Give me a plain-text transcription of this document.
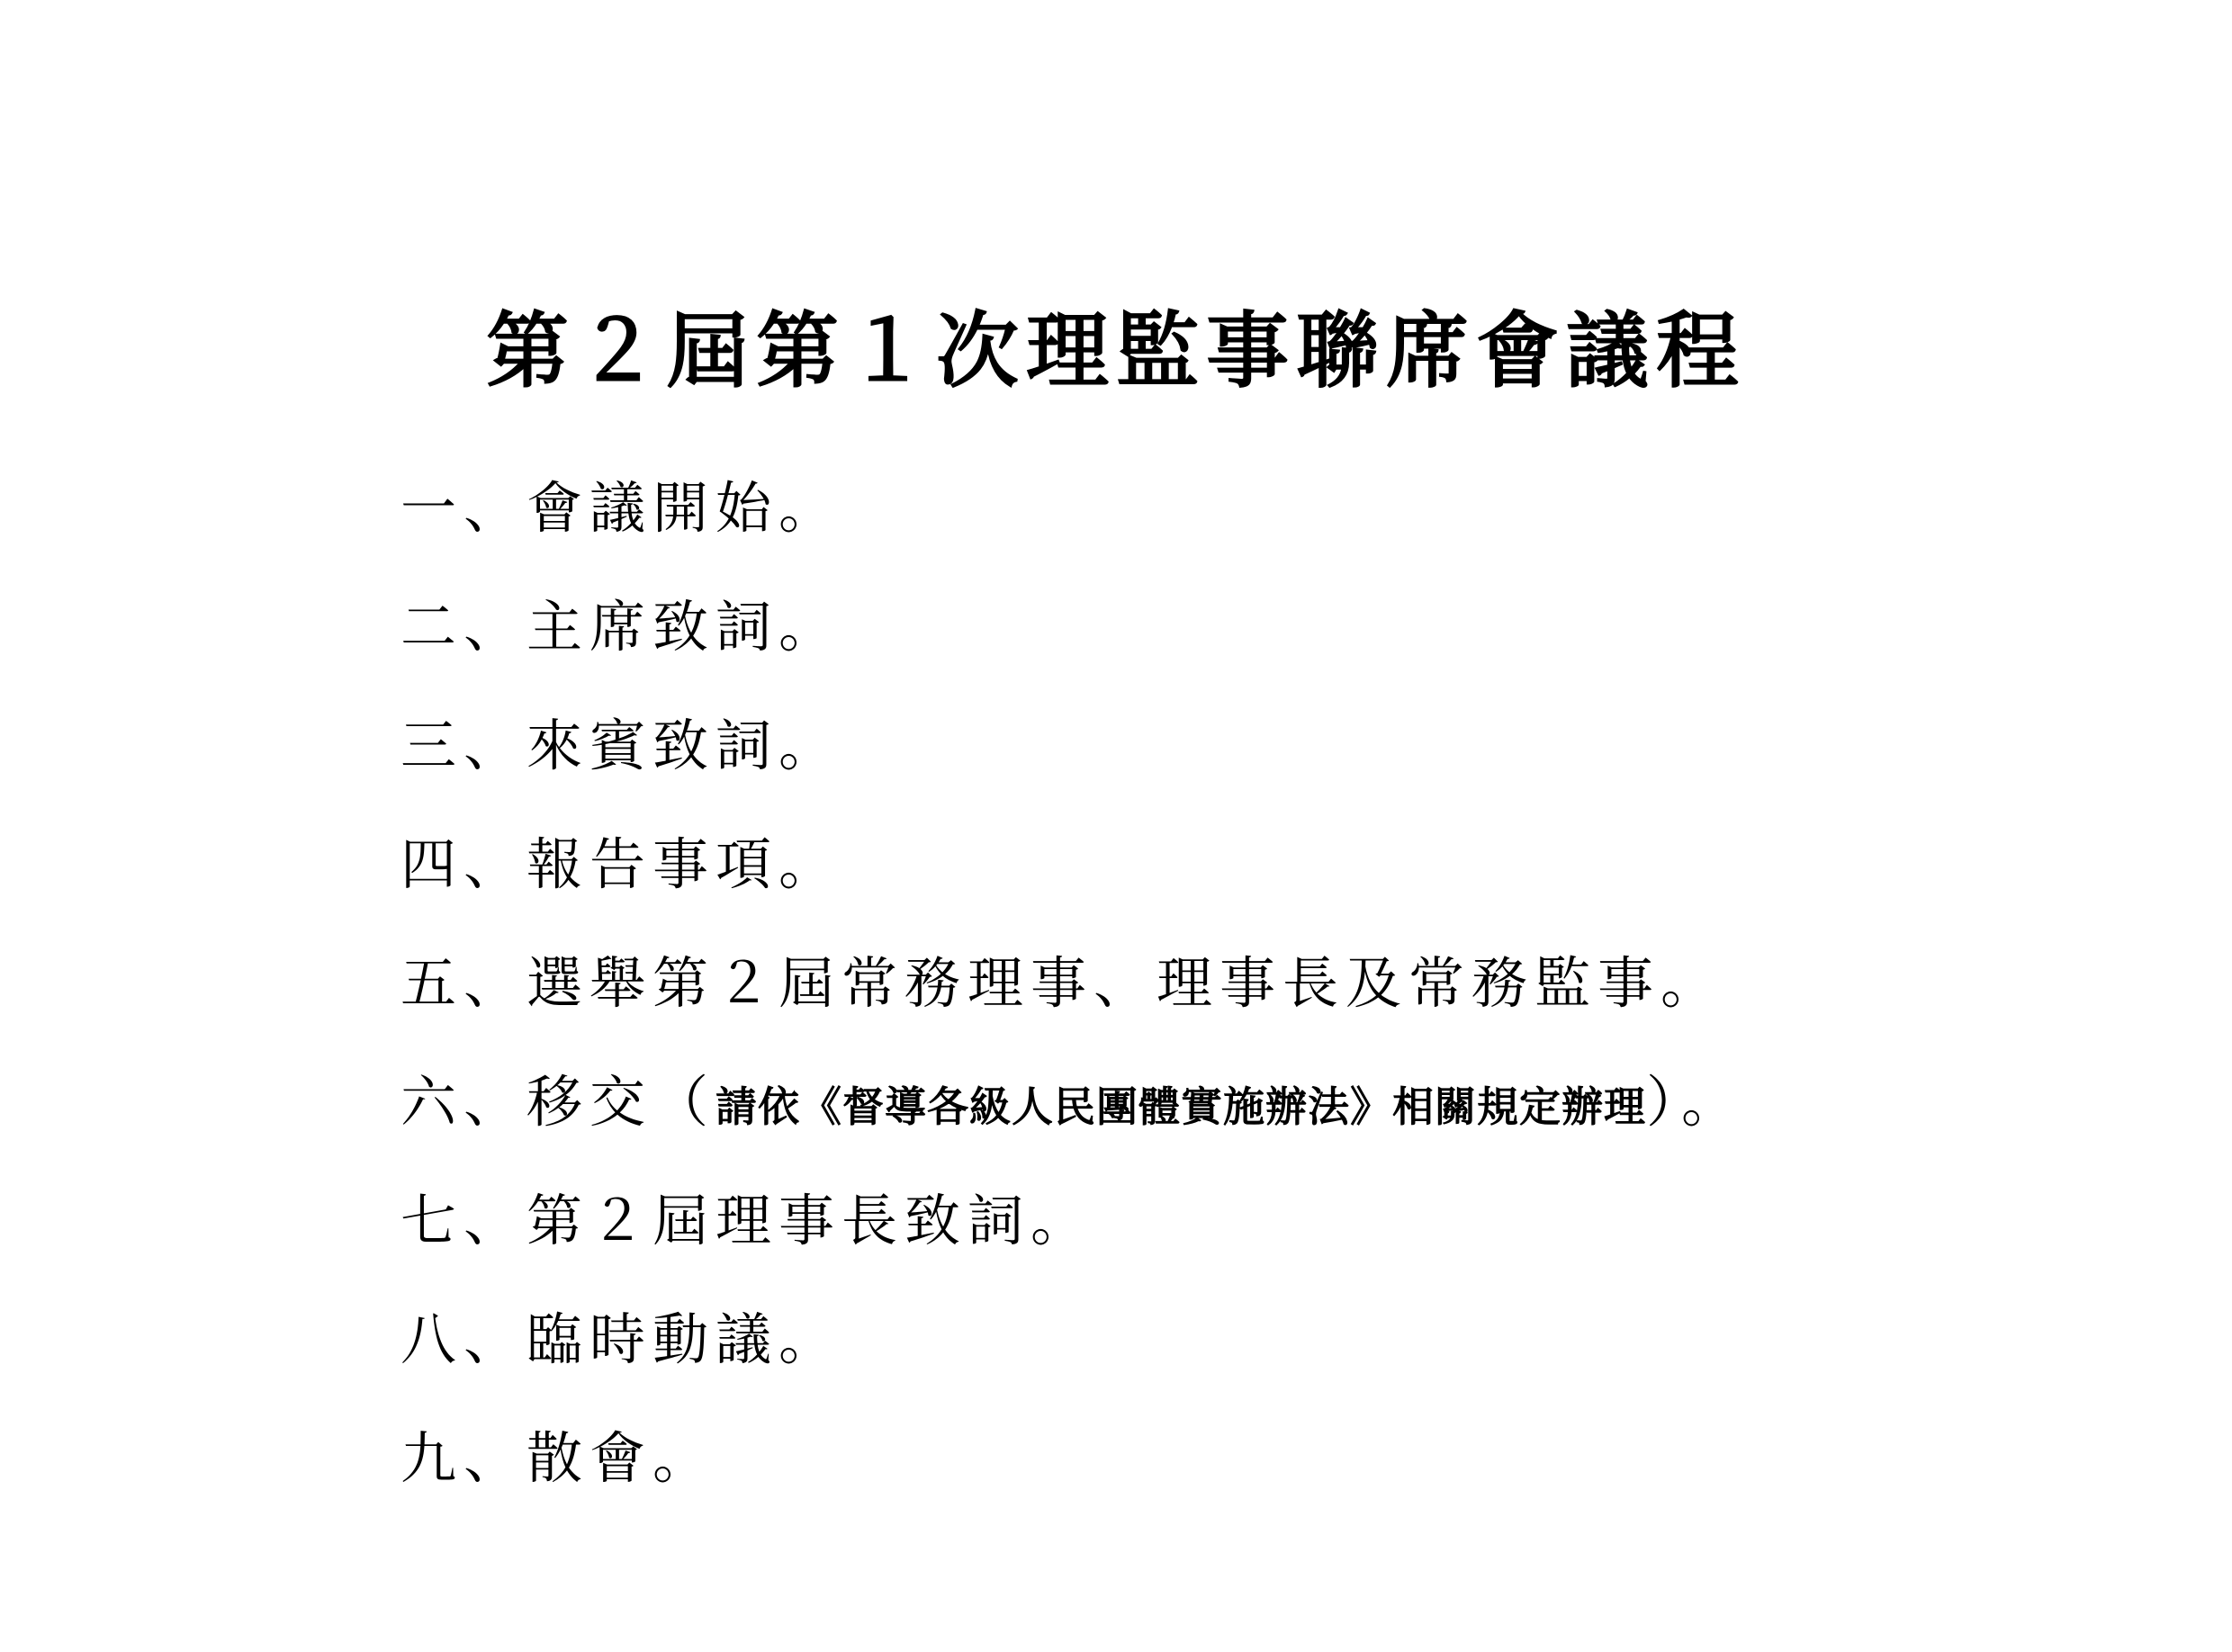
第２屆第１次理監事聯席會議程
一、會議開始。
二、主席致詞。
三、來賓致詞。
四、報告事項。
五、選舉第２屆常務理事、理事長及常務監事。
六、移交（請依《督導各級人民團體實施辦法》相關規定辦理）。
七、第２屆理事長致詞。
八、臨時動議。
九、散會。
